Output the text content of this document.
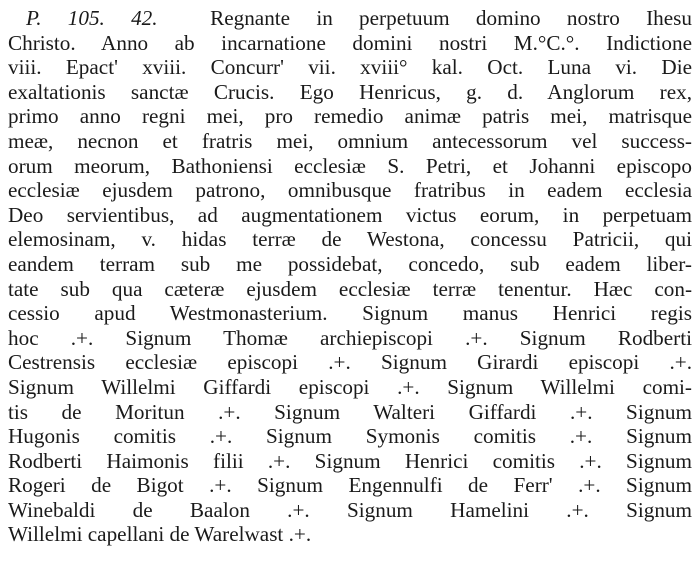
P. 105. 42. Regnante in perpetuum domino nostro Ihesu
Christo. Anno ab incarnatione domini nostri M.°C.°. Indictione
viii. Epact' xviii. Concurr' vii. xviii° kal. Oct. Luna vi. Die
exaltationis sanctæ Crucis. Ego Henricus, g. d. Anglorum rex,
primo anno regni mei, pro remedio animæ patris mei, matrisque
meæ, necnon et fratris mei, omnium antecessorum vel success-
orum meorum, Bathoniensi ecclesiæ S. Petri, et Johanni episcopo
ecclesiæ ejusdem patrono, omnibusque fratribus in eadem ecclesia
Deo servientibus, ad augmentationem victus eorum, in perpetuam
elemosinam, v. hidas terræ de Westona, concessu Patricii, qui
eandem terram sub me possidebat, concedo, sub eadem liber-
tate sub qua cæteræ ejusdem ecclesiæ terræ tenentur. Hæc con-
cessio apud Westmonasterium. Signum manus Henrici regis
hoc .+. Signum Thomæ archiepiscopi .+. Signum Rodberti
Cestrensis ecclesiæ episcopi .+. Signum Girardi episcopi .+.
Signum Willelmi Giffardi episcopi .+. Signum Willelmi comi-
tis de Moritun .+. Signum Walteri Giffardi .+. Signum
Hugonis comitis .+. Signum Symonis comitis .+. Signum
Rodberti Haimonis filii .+. Signum Henrici comitis .+. Signum
Rogeri de Bigot .+. Signum Engennulfi de Ferr' .+. Signum
Winebaldi de Baalon .+. Signum Hamelini .+. Signum
Willelmi capellani de Warelwast .+.
